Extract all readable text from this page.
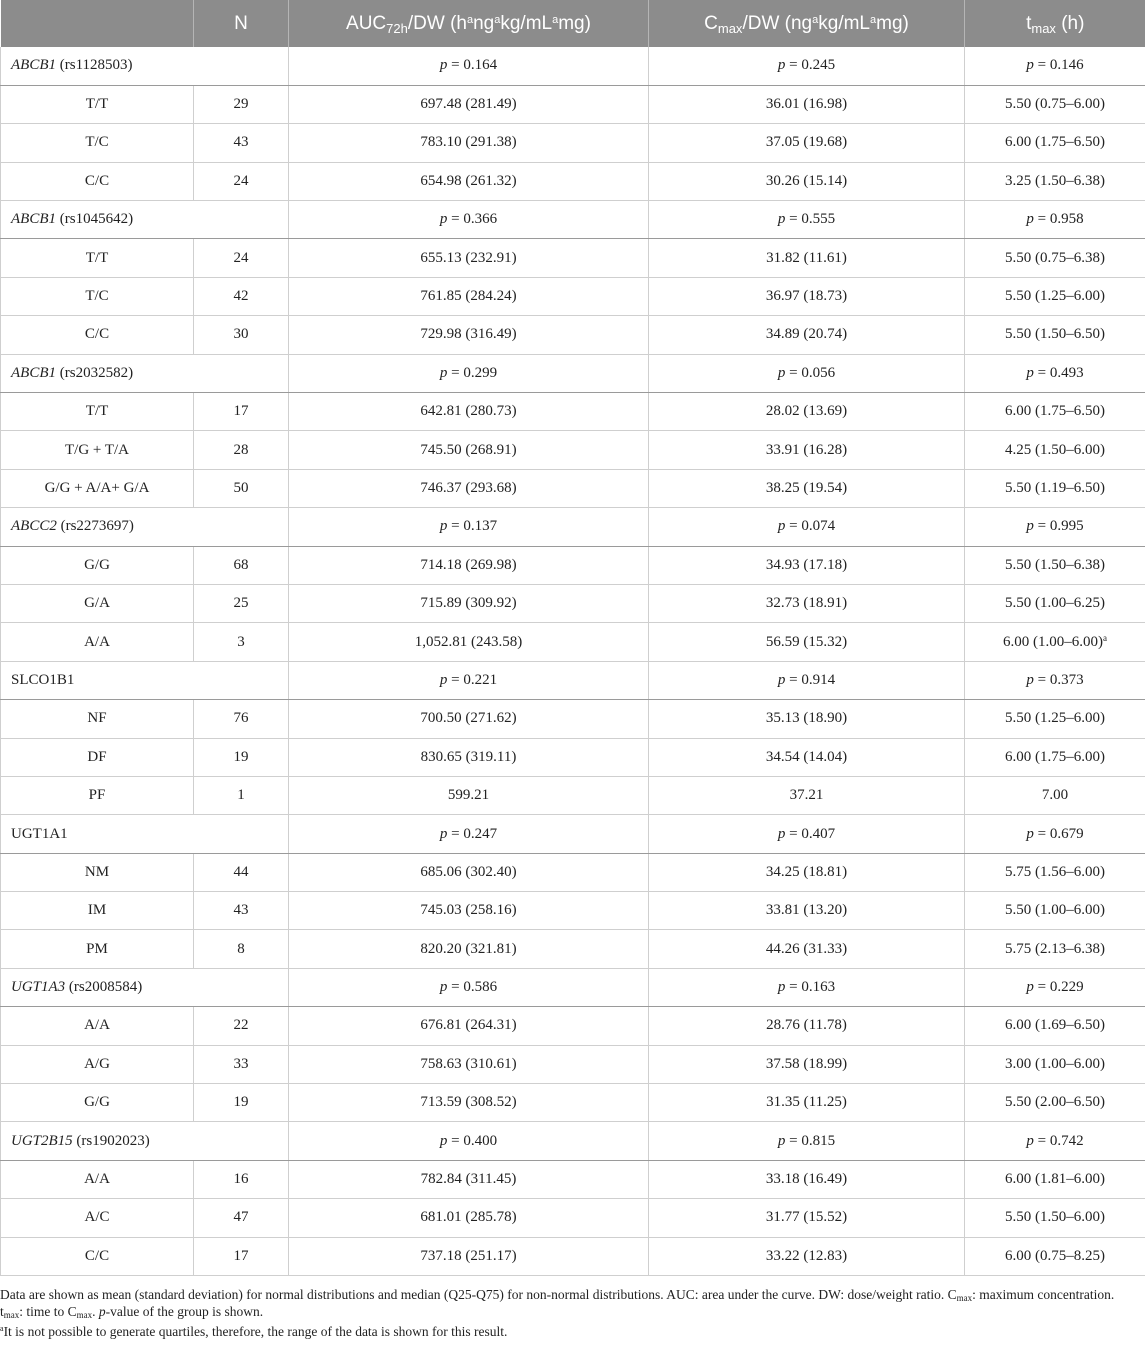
	N	$AUC_{72h}/DW$ $(h^ang^akg/mL^amg)$	$C_{max}/DW$ $(ng^akg/mL^amg)$	$t_{max}$ (h)
ABCB1 (rs1128503)		p = 0.164	p = 0.245	p = 0.146
T/T	29	697.48 (281.49)	36.01 (16.98)	5.50 (0.75–6.00)
T/C	43	783.10 (291.38)	37.05 (19.68)	6.00 (1.75–6.50)
C/C	24	654.98 (261.32)	30.26 (15.14)	3.25 (1.50–6.38)
ABCB1 (rs1045642)		p = 0.366	p = 0.555	p = 0.958
T/T	24	655.13 (232.91)	31.82 (11.61)	5.50 (0.75–6.38)
T/C	42	761.85 (284.24)	36.97 (18.73)	5.50 (1.25–6.00)
C/C	30	729.98 (316.49)	34.89 (20.74)	5.50 (1.50–6.50)
ABCB1 (rs2032582)		p = 0.299	p = 0.056	p = 0.493
T/T	17	642.81 (280.73)	28.02 (13.69)	6.00 (1.75–6.50)
T/G + T/A	28	745.50 (268.91)	33.91 (16.28)	4.25 (1.50–6.00)
G/G + A/A+ G/A	50	746.37 (293.68)	38.25 (19.54)	5.50 (1.19–6.50)
ABCC2 (rs2273697)		p = 0.137	p = 0.074	p = 0.995
G/G	68	714.18 (269.98)	34.93 (17.18)	5.50 (1.50–6.38)
G/A	25	715.89 (309.92)	32.73 (18.91)	5.50 (1.00–6.25)
A/A	3	1,052.81 (243.58)	56.59 (15.32)	6.00 (1.00–6.00)$^a$
SLCO1B1		p = 0.221	p = 0.914	p = 0.373
NF	76	700.50 (271.62)	35.13 (18.90)	5.50 (1.25–6.00)
DF	19	830.65 (319.11)	34.54 (14.04)	6.00 (1.75–6.00)
PF	1	599.21	37.21	7.00
UGT1A1		p = 0.247	p = 0.407	p = 0.679
NM	44	685.06 (302.40)	34.25 (18.81)	5.75 (1.56–6.00)
IM	43	745.03 (258.16)	33.81 (13.20)	5.50 (1.00–6.00)
PM	8	820.20 (321.81)	44.26 (31.33)	5.75 (2.13–6.38)
UGT1A3 (rs2008584)		p = 0.586	p = 0.163	p = 0.229
A/A	22	676.81 (264.31)	28.76 (11.78)	6.00 (1.69–6.50)
A/G	33	758.63 (310.61)	37.58 (18.99)	3.00 (1.00–6.00)
G/G	19	713.59 (308.52)	31.35 (11.25)	5.50 (2.00–6.50)
UGT2B15 (rs1902023)		p = 0.400	p = 0.815	p = 0.742
A/A	16	782.84 (311.45)	33.18 (16.49)	6.00 (1.81–6.00)
A/C	47	681.01 (285.78)	31.77 (15.52)	5.50 (1.50–6.00)
C/C	17	737.18 (251.17)	33.22 (12.83)	6.00 (0.75–8.25)

Data are shown as mean (standard deviation) for normal distributions and median (Q25-Q75) for non-normal distributions. AUC: area under the curve. DW: dose/weight ratio. $C_{max}$: maximum concentration. $t_{max}$: time to $C_{max}$. p-value of the group is shown.

$^a$It is not possible to generate quartiles, therefore, the range of the data is shown for this result.
